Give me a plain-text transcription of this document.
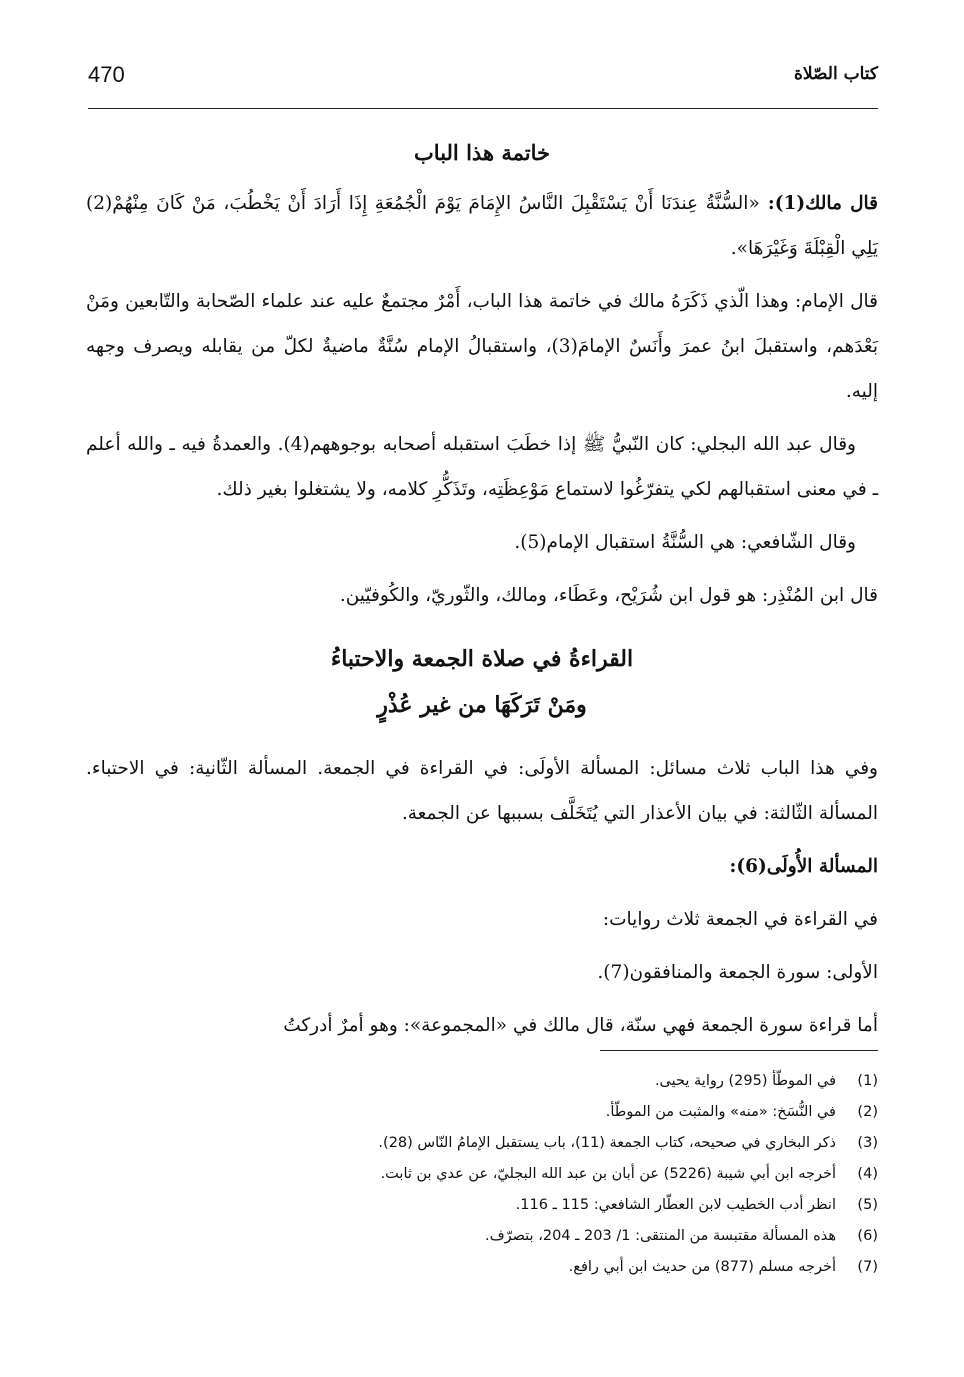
470	كتاب الصّلاة
خاتمة هذا الباب

قال مالك(1): «السُّنَّةُ عِندَنَا أَنْ يَسْتَقْبِلَ النَّاسُ الإِمَامَ يَوْمَ الْجُمُعَةِ إِذَا أَرَادَ أَنْ يَخْطُبَ، مَنْ كَانَ مِنْهُمْ(2) يَلِي الْقِبْلَةَ وَغَيْرَهَا».

قال الإمام: وهذا الّذي ذَكَرَهُ مالك في خاتمة هذا الباب، أَمْرٌ مجتمعٌ عليه عند علماء الصّحابة والتّابعين ومَنْ بَعْدَهم، واستقبلَ ابنُ عمرَ وأَنَسٌ الإمامَ(3)، واستقبالُ الإمام سُنَّةٌ ماضيةٌ لكلّ من يقابله ويصرف وجهه إليه.

وقال عبد الله البجلي: كان النّبيُّ ﷺ إذا خطَبَ استقبله أصحابه بوجوههم(4). والعمدةُ فيه ـ والله أعلم ـ في معنى استقبالهم لكي يتفرّغُوا لاستماع مَوْعِظَتِه، وتَذَكُّرِ كلامه، ولا يشتغلوا بغير ذلك.

وقال الشّافعي: هي السُّنَّةُ استقبال الإمام(5).

قال ابن المُنْذِر: هو قول ابن شُرَيْح، وعَطَاء، ومالك، والثّوريّ، والكُوفيّين.

القراءةُ في صلاة الجمعة والاحتباءُ
ومَنْ تَرَكَهَا من غير عُذْرٍ

وفي هذا الباب ثلاث مسائل: المسألة الأولَى: في القراءة في الجمعة. المسألة الثّانية: في الاحتباء. المسألة الثّالثة: في بيان الأعذار التي يُتَخَلَّف بسببها عن الجمعة.

المسألة الأُولَى(6):

في القراءة في الجمعة ثلاث روايات:

الأولى: سورة الجمعة والمنافقون(7).

أما قراءة سورة الجمعة فهي سنّة، قال مالك في «المجموعة»: وهو أمرٌ أدركتُ

(1)
في الموطّأ (295) رواية يحيى.
(2)
في النُّسَخ: «منه» والمثبت من الموطّأ.
(3)
ذكر البخاري في صحيحه، كتاب الجمعة (11)، باب يستقبل الإمامُ النّاس (28).
(4)
أخرجه ابن أبي شيبة (5226) عن أبان بن عبد الله البجليّ، عن عدي بن ثابت.
(5)
انظر أدب الخطيب لابن العطّار الشافعي: 115 ـ 116.
(6)
هذه المسألة مقتبسة من المنتقى: 1/ 203 ـ 204، بتصرّف.
(7)
أخرجه مسلم (877) من حديث ابن أبي رافع.
